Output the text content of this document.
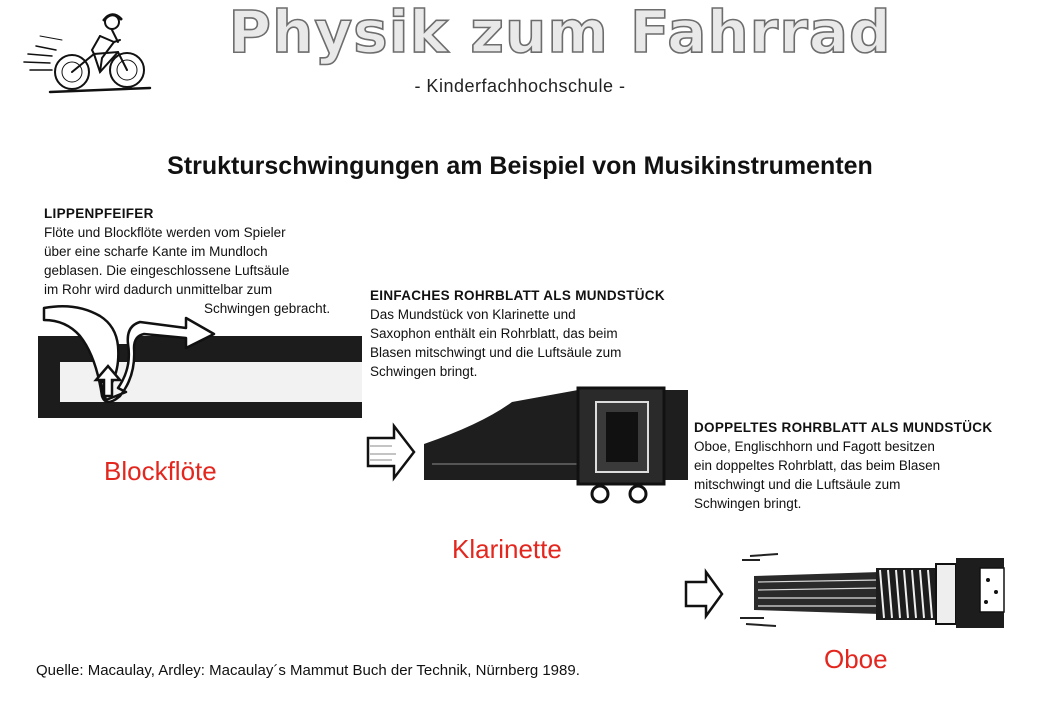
Physik zum Fahrrad
- Kinderfachhochschule -
Strukturschwingungen am Beispiel von Musikinstrumenten
LIPPENPFEIFER
Flöte und Blockflöte werden vom Spieler
über eine scharfe Kante im Mundloch
geblasen. Die eingeschlossene Luftsäule
im Rohr wird dadurch unmittelbar zum
Schwingen gebracht.
Blockflöte
EINFACHES ROHRBLATT ALS MUNDSTÜCK
Das Mundstück von Klarinette und
Saxophon enthält ein Rohrblatt, das beim
Blasen mitschwingt und die Luftsäule zum
Schwingen bringt.
Klarinette
DOPPELTES ROHRBLATT ALS MUNDSTÜCK
Oboe, Englischhorn und Fagott besitzen
ein doppeltes Rohrblatt, das beim Blasen
mitschwingt und die Luftsäule zum
Schwingen bringt.
Oboe
Quelle: Macaulay, Ardley: Macaulay´s Mammut Buch der Technik, Nürnberg 1989.
